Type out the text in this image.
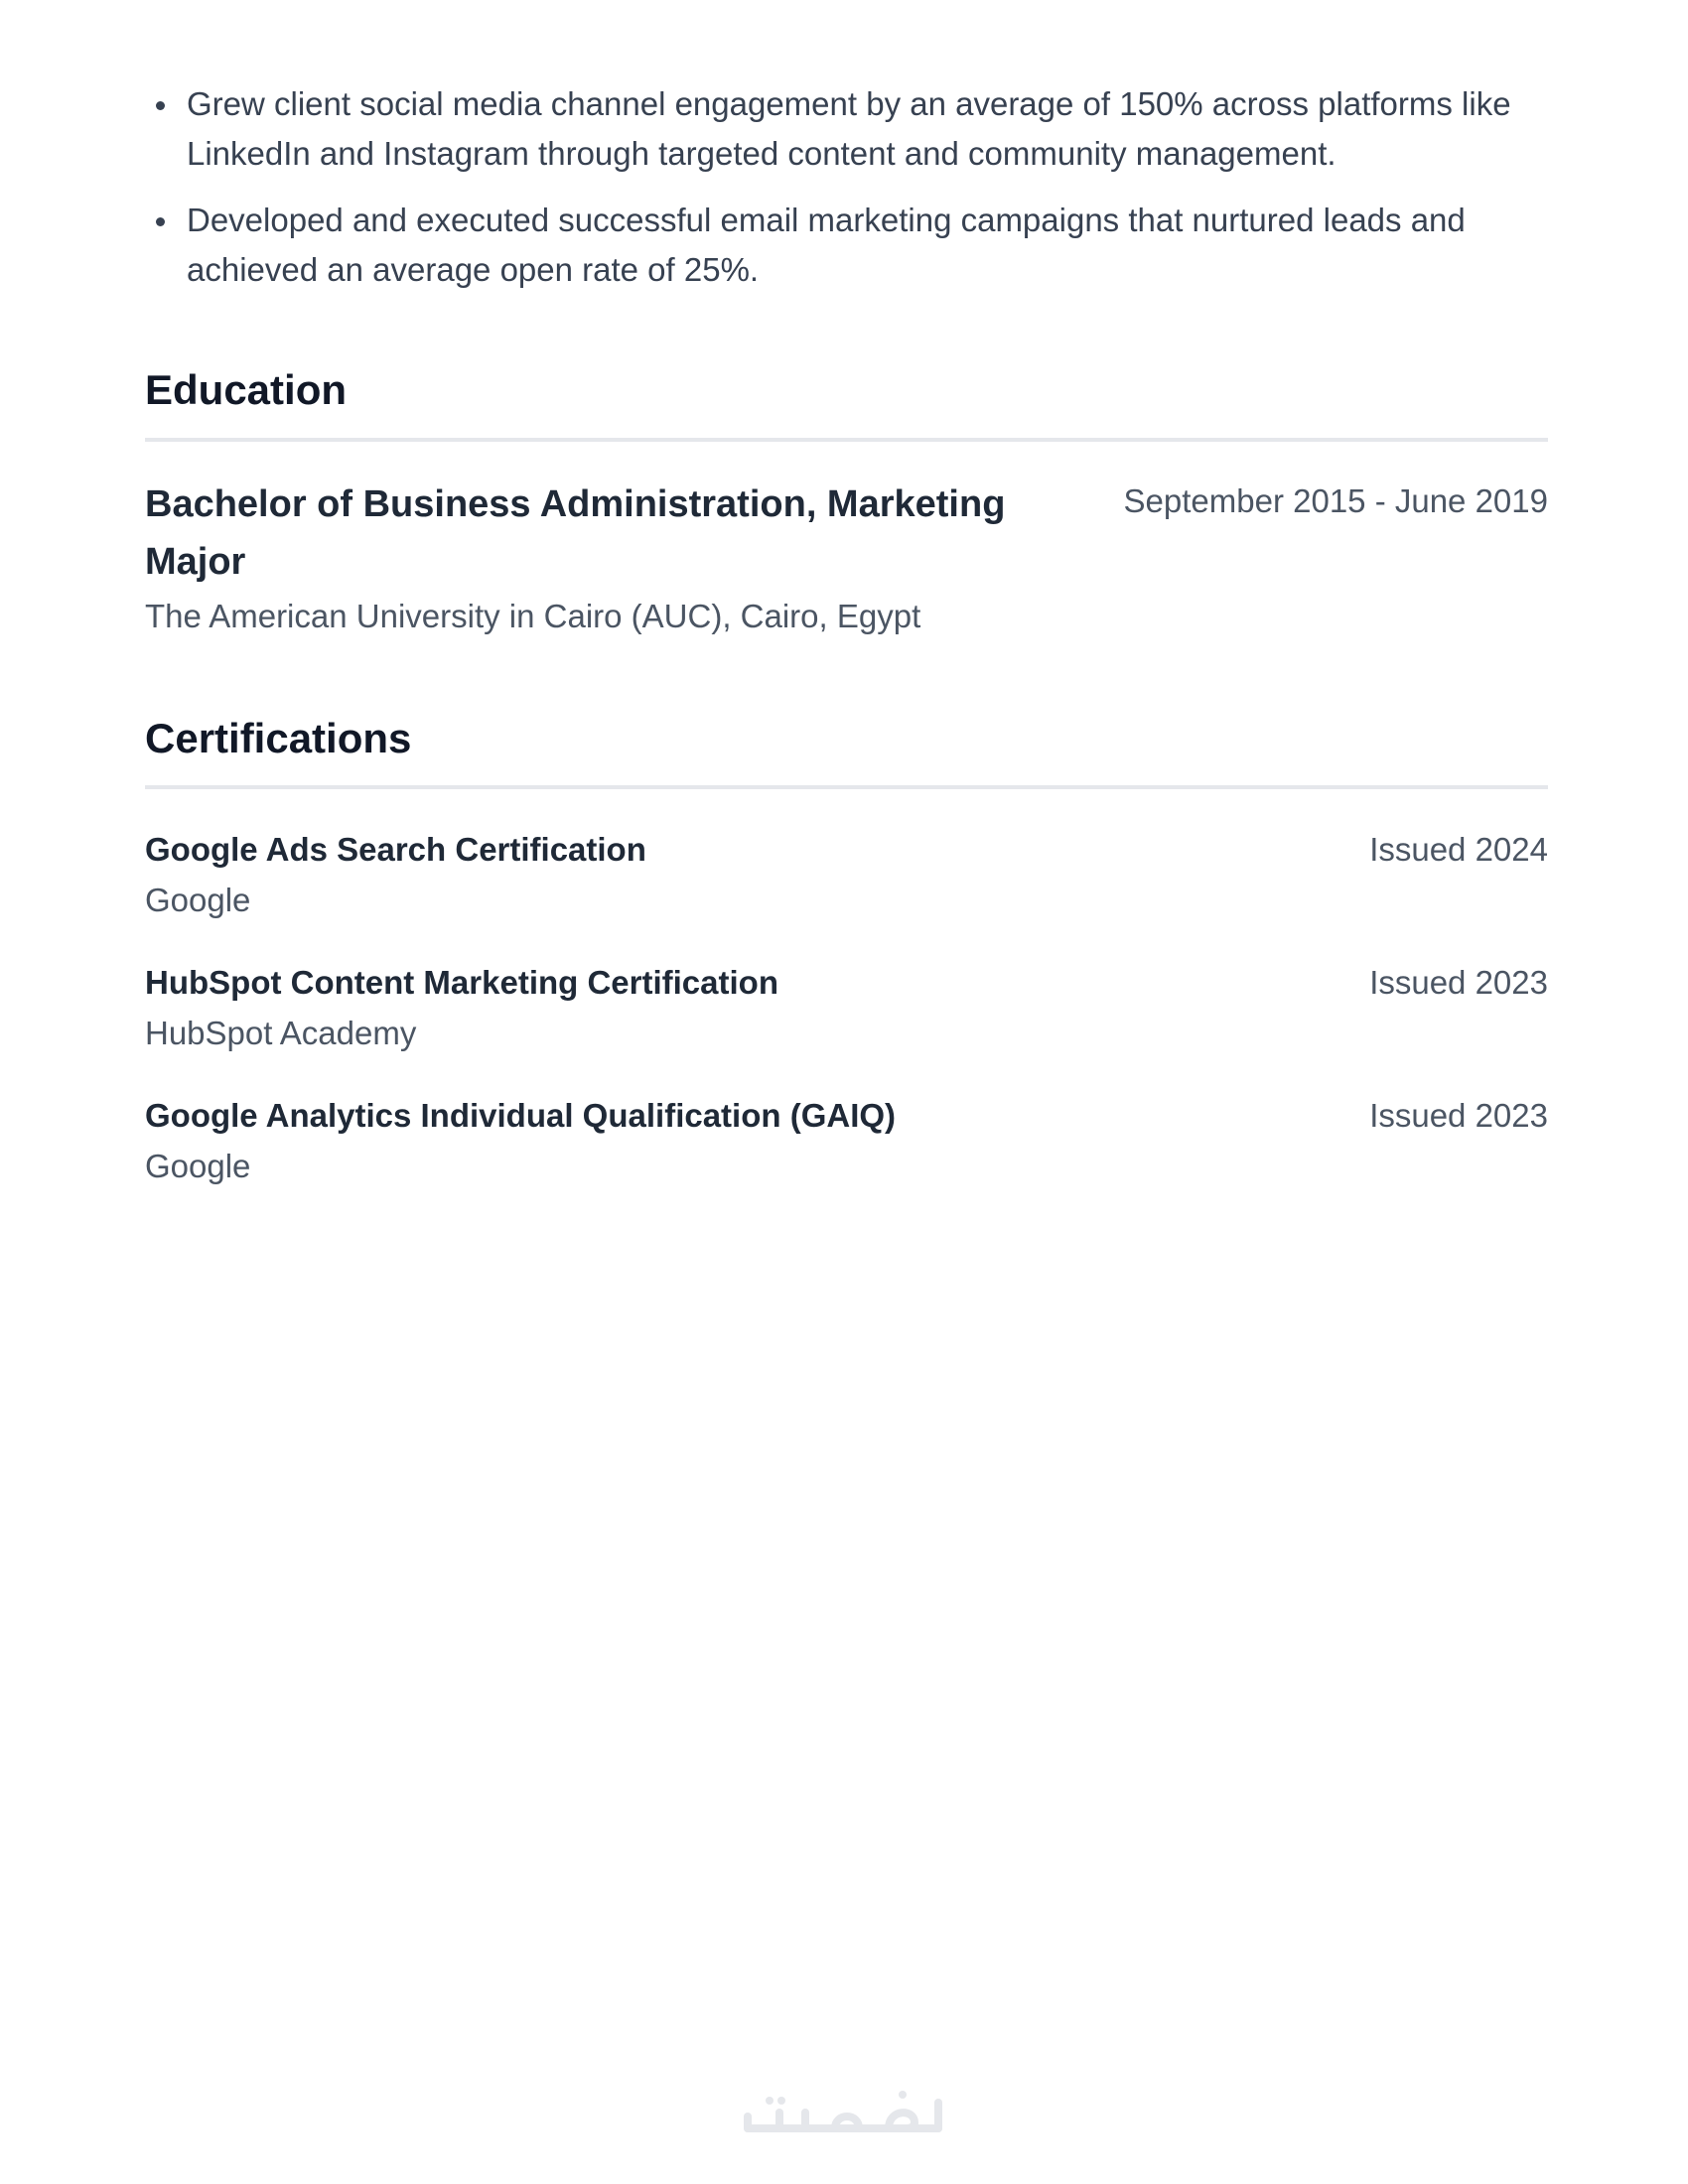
Grew client social media channel engagement by an average of 150% across platforms like LinkedIn and Instagram through targeted content and community management.
Developed and executed successful email marketing campaigns that nurtured leads and achieved an average open rate of 25%.
Education
Bachelor of Business Administration, Marketing Major
The American University in Cairo (AUC), Cairo, Egypt
September 2015 - June 2019
Certifications
Google Ads Search Certification
Google
Issued 2024
HubSpot Content Marketing Certification
HubSpot Academy
Issued 2023
Google Analytics Individual Qualification (GAIQ)
Google
Issued 2023
